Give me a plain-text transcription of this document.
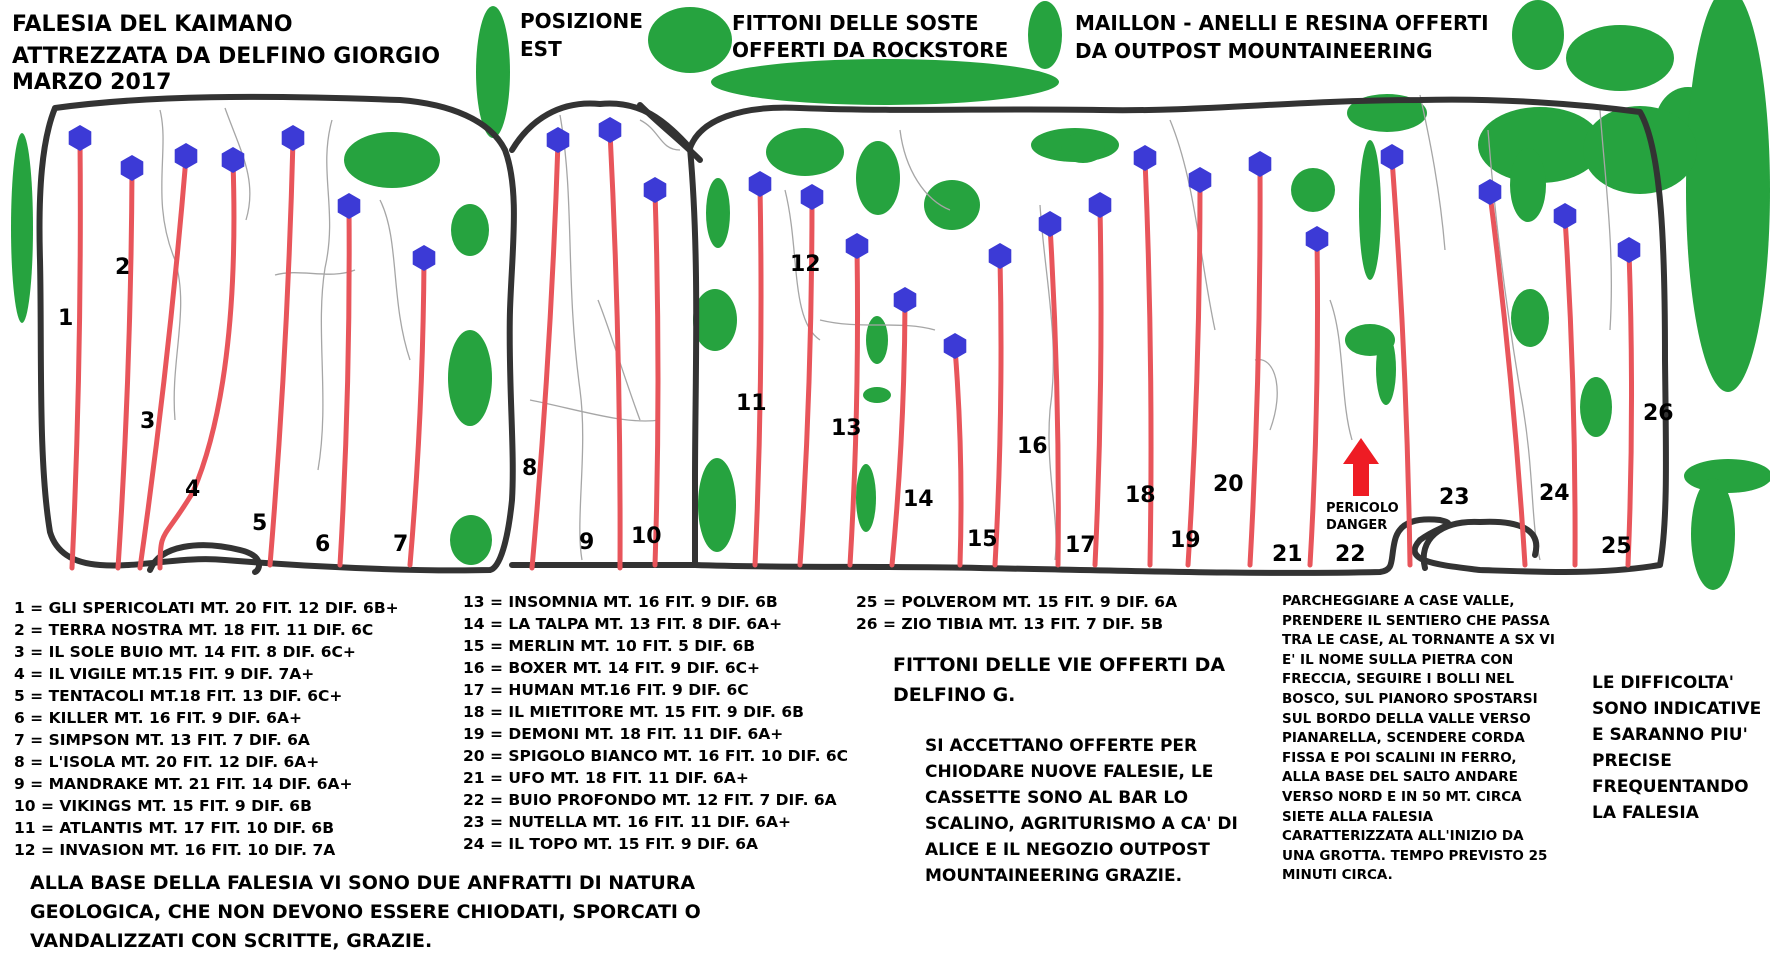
1
2
3
4
5
6	7
8
9 10
11
12
13
14
15
16
17
18
19
20
21 22
23	24
25
26
FALESIA DEL KAIMANO
ATTREZZATA DA DELFINO GIORGIO
MARZO 2017
POSIZIONE
EST
FITTONI DELLE SOSTE
OFFERTI DA ROCKSTORE
MAILLON - ANELLI E RESINA OFFERTI
DA OUTPOST MOUNTAINEERING
PERICOLO
DANGER
1 = GLI SPERICOLATI MT. 20 FIT. 12 DIF. 6B+
2 = TERRA NOSTRA MT. 18 FIT. 11 DIF. 6C
3 = IL SOLE BUIO MT. 14 FIT. 8 DIF. 6C+
4 = IL VIGILE MT.15 FIT. 9 DIF. 7A+
5 = TENTACOLI MT.18 FIT. 13 DIF. 6C+
6 = KILLER MT. 16 FIT. 9 DIF. 6A+
7 = SIMPSON MT. 13 FIT. 7 DIF. 6A
8 = L'ISOLA MT. 20 FIT. 12 DIF. 6A+
9 = MANDRAKE MT. 21 FIT. 14 DIF. 6A+
10 = VIKINGS MT. 15 FIT. 9 DIF. 6B
11 = ATLANTIS MT. 17 FIT. 10 DIF. 6B
12 = INVASION MT. 16 FIT. 10 DIF. 7A
13 = INSOMNIA MT. 16 FIT. 9 DIF. 6B
14 = LA TALPA MT. 13 FIT. 8 DIF. 6A+
15 = MERLIN MT. 10 FIT. 5 DIF. 6B
16 = BOXER MT. 14 FIT. 9 DIF. 6C+
17 = HUMAN MT.16 FIT. 9 DIF. 6C
18 = IL MIETITORE MT. 15 FIT. 9 DIF. 6B
19 = DEMONI MT. 18 FIT. 11 DIF. 6A+
20 = SPIGOLO BIANCO MT. 16 FIT. 10 DIF. 6C
21 = UFO MT. 18 FIT. 11 DIF. 6A+
22 = BUIO PROFONDO MT. 12 FIT. 7 DIF. 6A
23 = NUTELLA MT. 16 FIT. 11 DIF. 6A+
24 = IL TOPO MT. 15 FIT. 9 DIF. 6A
25 = POLVEROM MT. 15 FIT. 9 DIF. 6A
26 = ZIO TIBIA MT. 13 FIT. 7 DIF. 5B
FITTONI DELLE VIE OFFERTI DA
DELFINO G.
SI ACCETTANO OFFERTE PER
CHIODARE NUOVE FALESIE, LE
CASSETTE SONO AL BAR LO
SCALINO, AGRITURISMO A CA' DI
ALICE E IL NEGOZIO OUTPOST
MOUNTAINEERING GRAZIE.
PARCHEGGIARE A CASE VALLE,
PRENDERE IL SENTIERO CHE PASSA
TRA LE CASE, AL TORNANTE A SX VI
E' IL NOME SULLA PIETRA CON
FRECCIA, SEGUIRE I BOLLI NEL
BOSCO, SUL PIANORO SPOSTARSI
SUL BORDO DELLA VALLE VERSO
PIANARELLA, SCENDERE CORDA
FISSA E POI SCALINI IN FERRO,
ALLA BASE DEL SALTO ANDARE
VERSO NORD E IN 50 MT. CIRCA
SIETE ALLA FALESIA
CARATTERIZZATA ALL'INIZIO DA
UNA GROTTA. TEMPO PREVISTO 25
MINUTI CIRCA.
LE DIFFICOLTA'
SONO INDICATIVE
E SARANNO PIU'
PRECISE
FREQUENTANDO
LA FALESIA
ALLA BASE DELLA FALESIA VI SONO DUE ANFRATTI DI NATURA
GEOLOGICA, CHE NON DEVONO ESSERE CHIODATI, SPORCATI O
VANDALIZZATI CON SCRITTE, GRAZIE.
